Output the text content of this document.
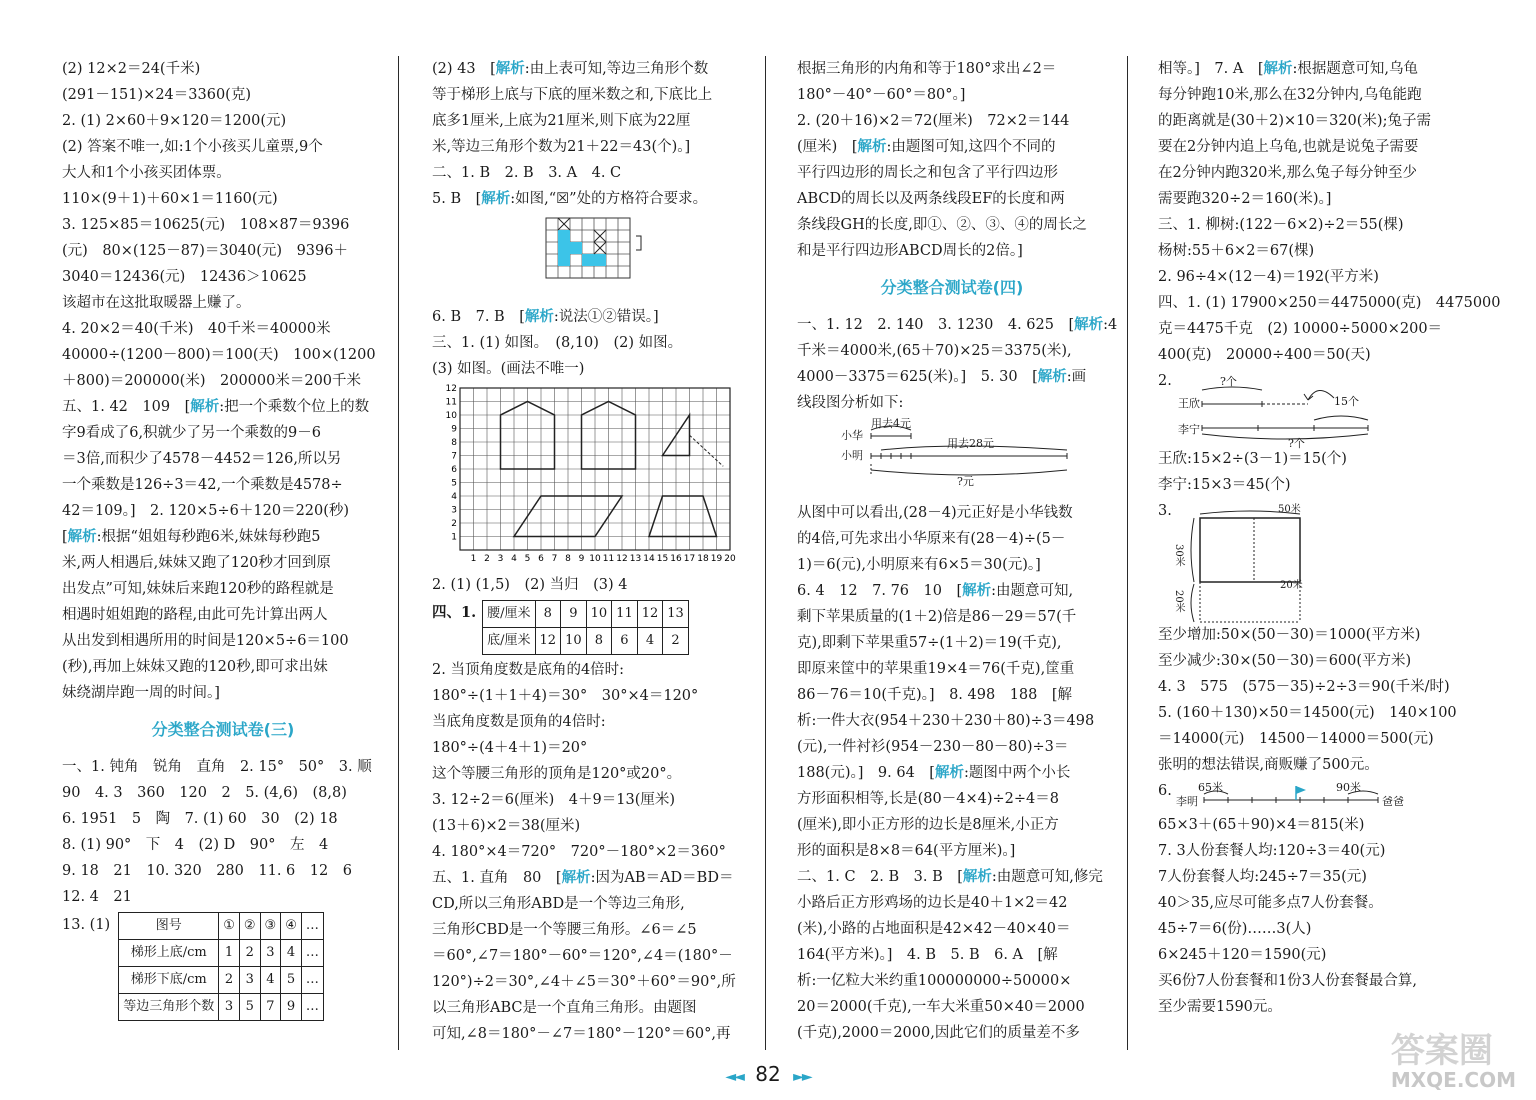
(2) 12×2＝24(千米)
(291－151)×24＝3360(克)
2. (1) 2×60＋9×120＝1200(元)
(2) 答案不唯一,如:1个小孩买儿童票,9个
大人和1个小孩买团体票。
110×(9＋1)＋60×1＝1160(元)
3. 125×85＝10625(元)　108×87＝9396
(元)　80×(125－87)＝3040(元)　9396＋
3040＝12436(元)　12436＞10625
该超市在这批取暖器上赚了。
4. 20×2＝40(千米)　40千米＝40000米
40000÷(1200－800)＝100(天)　100×(1200
＋800)＝200000(米)　200000米＝200千米
五、1. 42　109　[解析:把一个乘数个位上的数
字9看成了6,积就少了另一个乘数的9－6
＝3倍,而积少了4578－4452＝126,所以另
一个乘数是126÷3＝42,一个乘数是4578÷
42＝109。]　2. 120×5÷6＋120＝220(秒)
[解析:根据“姐姐每秒跑6米,妹妹每秒跑5
米,两人相遇后,妹妹又跑了120秒才回到原
出发点”可知,妹妹后来跑120秒的路程就是
相遇时姐姐跑的路程,由此可先计算出两人
从出发到相遇所用的时间是120×5÷6＝100
(秒),再加上妹妹又跑的120秒,即可求出妹
妹绕湖岸跑一周的时间。]
分类整合测试卷(三)
一、1. 钝角　锐角　直角　2. 15°　50°　3. 顺
90　4. 3　360　120　2　5. (4,6)　(8,8)
6. 1951　5　陶　7. (1) 60　30　(2) 18
8. (1) 90°　下　4　(2) D　90°　左　4
9. 18　21　10. 320　280　11. 6　12　6
12. 4　21
13. (1)	图号	①	②	③	④	…
梯形上底/cm	1	2	3	4	…
梯形下底/cm	2	3	4	5	…
等边三角形个数	3	5	7	9	…
(2) 43　[解析:由上表可知,等边三角形个数
等于梯形上底与下底的厘米数之和,下底比上
底多1厘米,上底为21厘米,则下底为22厘
米,等边三角形个数为21＋22＝43(个)。]
二、1. B　2. B　3. A　4. C
5. B　[解析:如图,“☒”处的方格符合要求。
6. B　7. B　[解析:说法①②错误。]
三、1. (1) 如图。　(8,10)　(2) 如图。
(3) 如图。(画法不唯一)
1 2 3 4 5 6 7 8 9 10 11 12 13 14 15 16 17 18 19 20
1
2
3
4
5
6
7
8
9
10
11
12
2. (1) (1,5)　(2) 当归　(3) 4
四、1. 腰/厘米	8	9	10	11	12	13
底/厘米	12	10	8	6	4	2
2. 当顶角度数是底角的4倍时:
180°÷(1＋1＋4)＝30°　30°×4＝120°
当底角度数是顶角的4倍时:
180°÷(4＋4＋1)＝20°
这个等腰三角形的顶角是120°或20°。
3. 12÷2＝6(厘米)　4＋9＝13(厘米)
(13＋6)×2＝38(厘米)
4. 180°×4＝720°　720°－180°×2＝360°
五、1. 直角　80　[解析:因为AB＝AD＝BD＝
CD,所以三角形ABD是一个等边三角形,
三角形CBD是一个等腰三角形。∠6＝∠5
＝60°,∠7＝180°－60°＝120°,∠4＝(180°－
120°)÷2＝30°,∠4＋∠5＝30°＋60°＝90°,所
以三角形ABC是一个直角三角形。由题图
可知,∠8＝180°－∠7＝180°－120°＝60°,再
根据三角形的内角和等于180°求出∠2＝
180°－40°－60°＝80°。]
2. (20＋16)×2＝72(厘米)　72×2＝144
(厘米)　[解析:由题图可知,这四个不同的
平行四边形的周长之和包含了平行四边形
ABCD的周长以及两条线段EF的长度和两
条线段GH的长度,即①、②、③、④的周长之
和是平行四边形ABCD周长的2倍。]
分类整合测试卷(四)
一、1. 12　2. 140　3. 1230　4. 625　[解析:4
千米＝4000米,(65＋70)×25＝3375(米),
4000－3375＝625(米)。]　5. 30　[解析:画
线段图分析如下:
用去4元
小华
用去28元
小明
?元
从图中可以看出,(28－4)元正好是小华钱数
的4倍,可先求出小华原来有(28－4)÷(5－
1)＝6(元),小明原来有6×5＝30(元)。]
6. 4　12　7. 76　10　[解析:由题意可知,
剩下苹果质量的(1＋2)倍是86－29＝57(千
克),即剩下苹果重57÷(1＋2)＝19(千克),
即原来筐中的苹果重19×4＝76(千克),筐重
86－76＝10(千克)。]　8. 498　188　[解
析:一件大衣(954＋230＋230＋80)÷3＝498
(元),一件衬衫(954－230－80－80)÷3＝
188(元)。]　9. 64　[解析:题图中两个小长
方形面积相等,长是(80－4×4)÷2÷4＝8
(厘米),即小正方形的边长是8厘米,小正方
形的面积是8×8＝64(平方厘米)。]
二、1. C　2. B　3. B　[解析:由题意可知,修完
小路后正方形鸡场的边长是40＋1×2＝42
(米),小路的占地面积是42×42－40×40＝
164(平方米)。]　4. B　5. B　6. A　[解
析:一亿粒大米约重100000000÷50000×
20＝2000(千克),一车大米重50×40＝2000
(千克),2000＝2000,因此它们的质量差不多
相等。]　7. A　[解析:根据题意可知,乌龟
每分钟跑10米,那么在32分钟内,乌龟能跑
的距离就是(30＋2)×10＝320(米);兔子需
要在2分钟内追上乌龟,也就是说兔子需要
在2分钟内跑320米,那么兔子每分钟至少
需要跑320÷2＝160(米)。]
三、1. 柳树:(122－6×2)÷2＝55(棵)
杨树:55＋6×2＝67(棵)
2. 96÷4×(12－4)＝192(平方米)
四、1. (1) 17900×250＝4475000(克)　4475000
克＝4475千克　(2) 10000÷5000×200＝
400(克)　20000÷400＝50(天)
2.	?个
王欣	15个
李宁
?个
王欣:15×2÷(3－1)＝15(个)
李宁:15×3＝45(个)
3.	50米
30米
20米
20米
至少增加:50×(50－30)＝1000(平方米)
至少减少:30×(50－30)＝600(平方米)
4. 3　575　(575－35)÷2÷3＝90(千米/时)
5. (160＋130)×50＝14500(元)　140×100
＝14000(元)　14500－14000＝500(元)
张明的想法错误,商贩赚了500元。
6.	65米	90米
李明	爸爸
65×3＋(65＋90)×4＝815(米)
7. 3人份套餐人均:120÷3＝40(元)
7人份套餐人均:245÷7＝35(元)
40＞35,应尽可能多点7人份套餐。
45÷7＝6(份)……3(人)
6×245＋120＝1590(元)
买6份7人份套餐和1份3人份套餐最合算,
至少需要1590元。
◄◄ 82 ►►
答案圈
MXQE.COM
